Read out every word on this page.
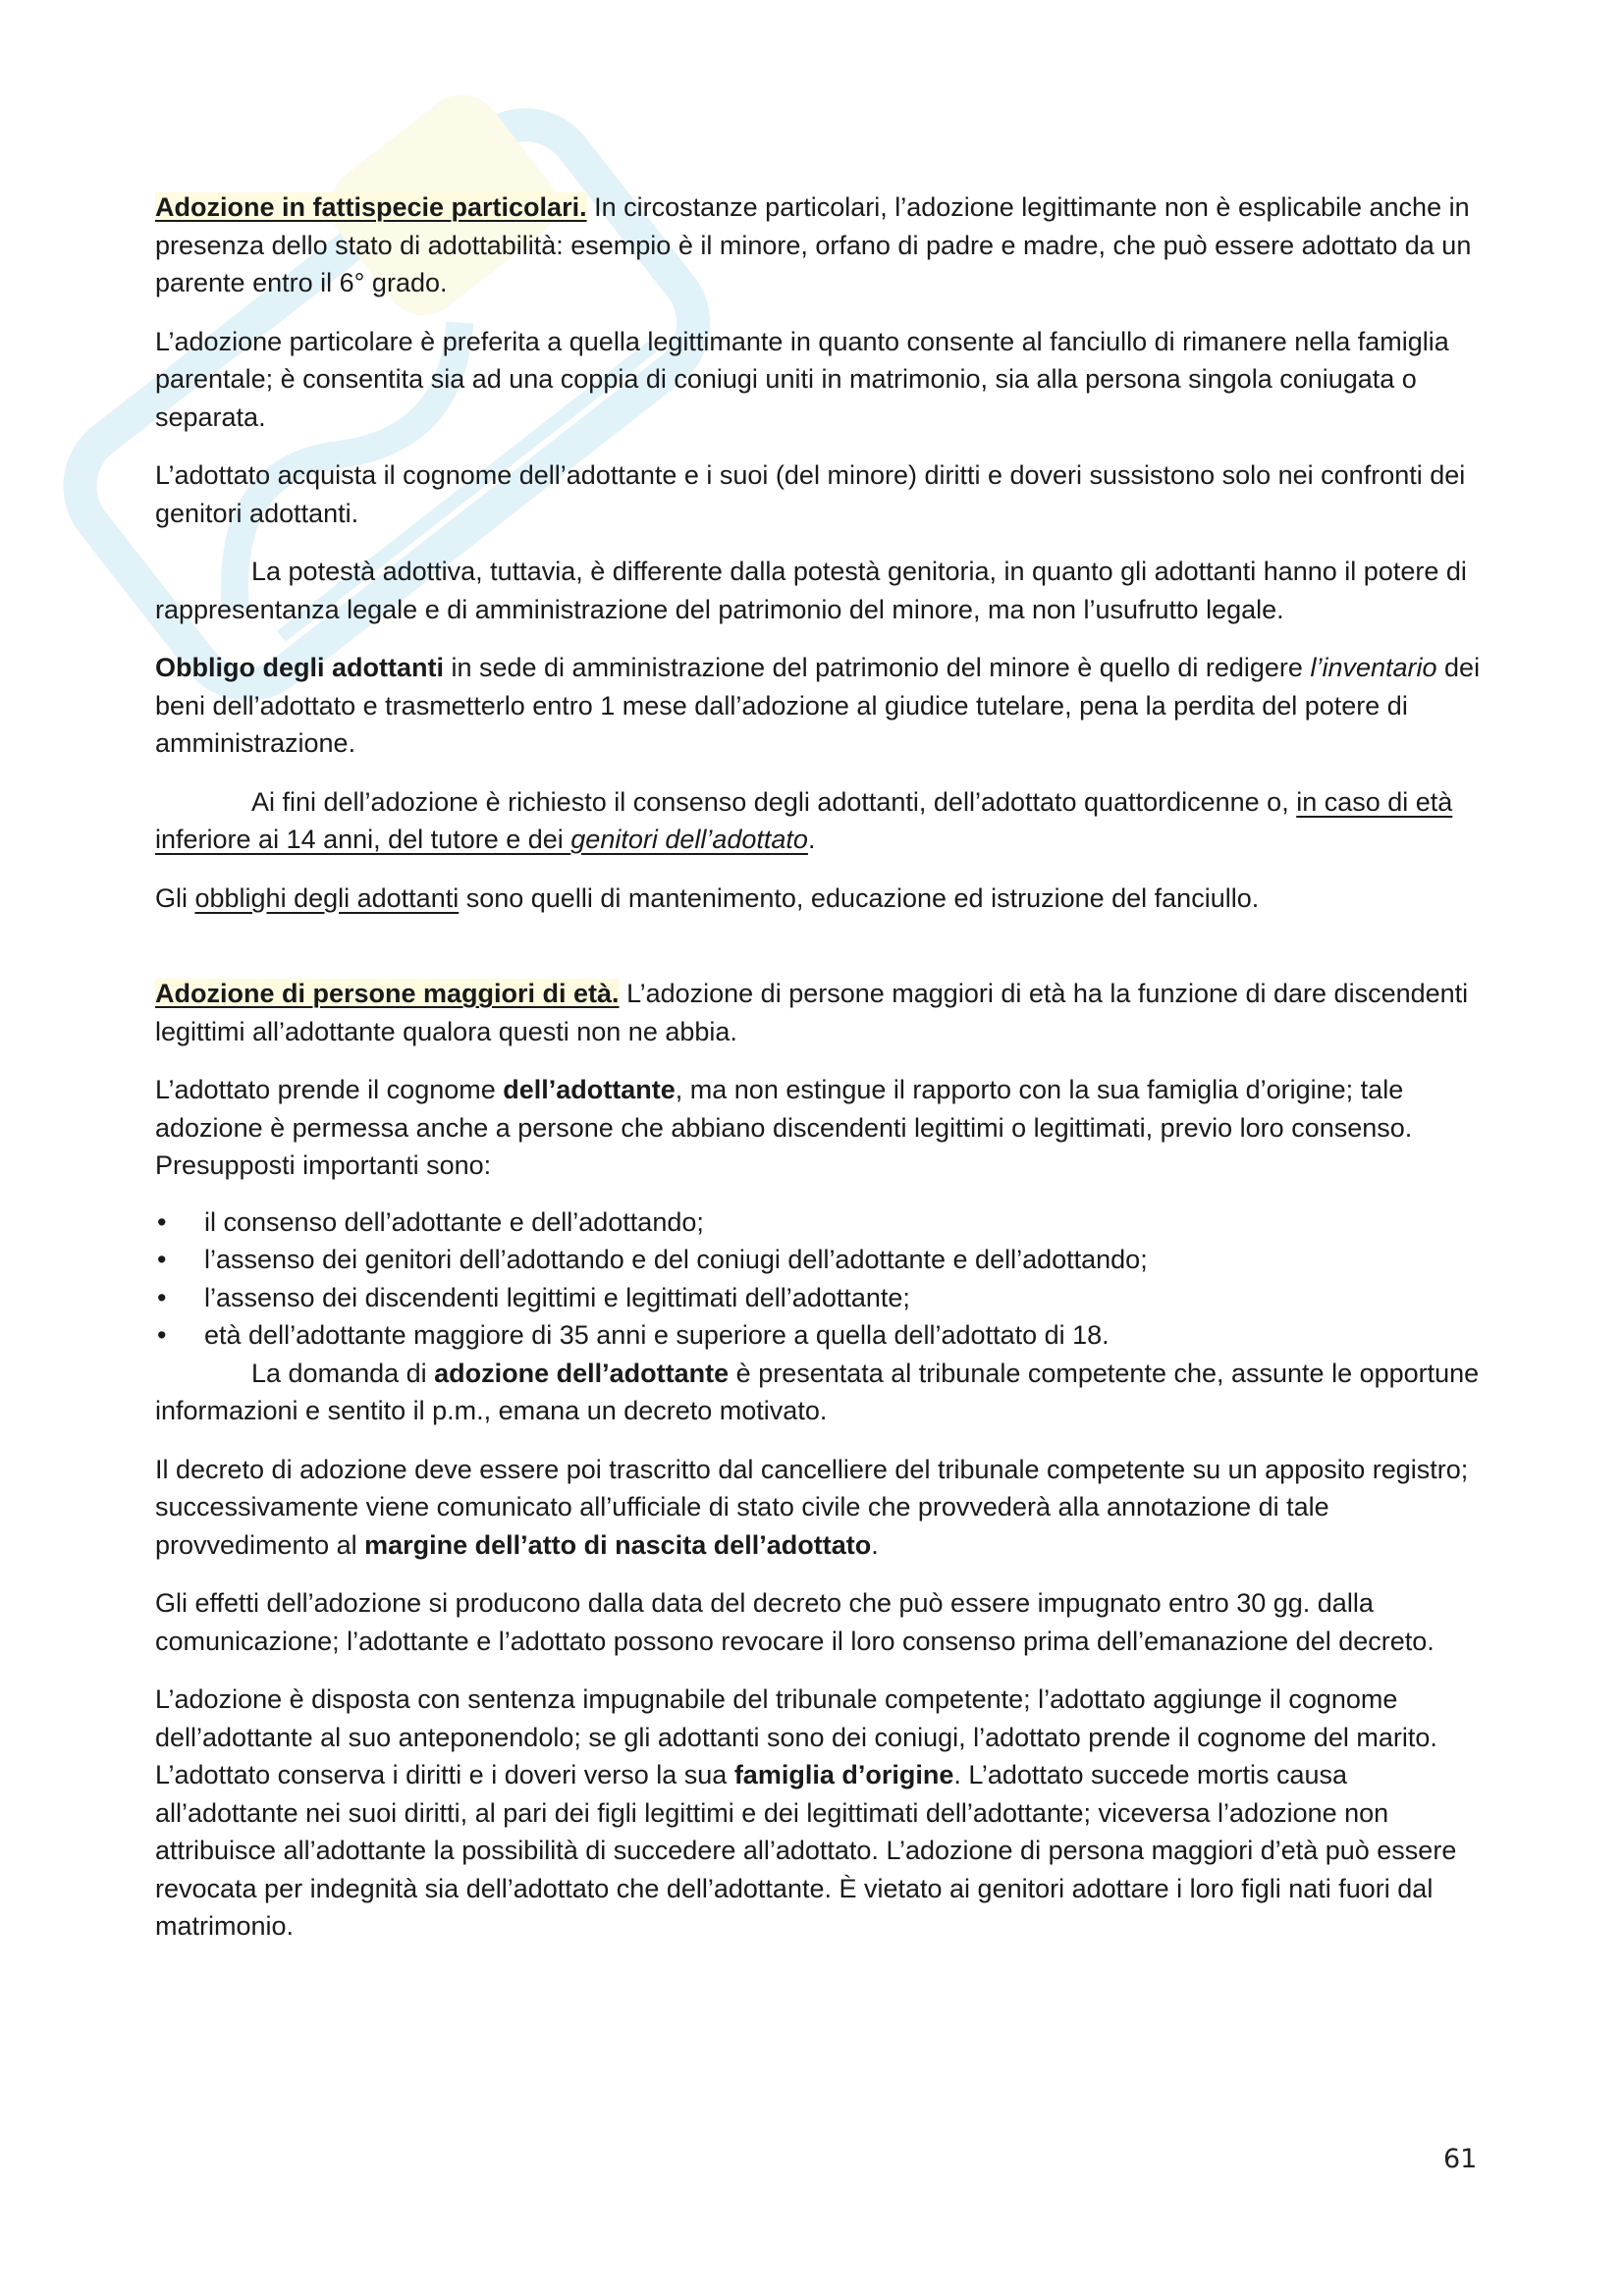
Adozione in fattispecie particolari. In circostanze particolari, l’adozione legittimante non è esplicabile anche in presenza dello stato di adottabilità: esempio è il minore, orfano di padre e madre, che può essere adottato da un parente entro il 6° grado.

L’adozione particolare è preferita a quella legittimante in quanto consente al fanciullo di rimanere nella famiglia parentale; è consentita sia ad una coppia di coniugi uniti in matrimonio, sia alla persona singola coniugata o separata.

L’adottato acquista il cognome dell’adottante e i suoi (del minore) diritti e doveri sussistono solo nei confronti dei genitori adottanti.

La potestà adottiva, tuttavia, è differente dalla potestà genitoria, in quanto gli adottanti hanno il potere di rappresentanza legale e di amministrazione del patrimonio del minore, ma non l’usufrutto legale.

Obbligo degli adottanti in sede di amministrazione del patrimonio del minore è quello di redigere l’inventario dei beni dell’adottato e trasmetterlo entro 1 mese dall’adozione al giudice tutelare, pena la perdita del potere di amministrazione.

Ai fini dell’adozione è richiesto il consenso degli adottanti, dell’adottato quattordicenne o, in caso di età inferiore ai 14 anni, del tutore e dei genitori dell’adottato.

Gli obblighi degli adottanti sono quelli di mantenimento, educazione ed istruzione del fanciullo.

Adozione di persone maggiori di età. L’adozione di persone maggiori di età ha la funzione di dare discendenti legittimi all’adottante qualora questi non ne abbia.

L’adottato prende il cognome dell’adottante, ma non estingue il rapporto con la sua famiglia d’origine; tale adozione è permessa anche a persone che abbiano discendenti legittimi o legittimati, previo loro consenso. Presupposti importanti sono:

• il consenso dell’adottante e dell’adottando;
• l’assenso dei genitori dell’adottando e del coniugi dell’adottante e dell’adottando;
• l’assenso dei discendenti legittimi e legittimati dell’adottante;
• età dell’adottante maggiore di 35 anni e superiore a quella dell’adottato di 18.

La domanda di adozione dell’adottante è presentata al tribunale competente che, assunte le opportune informazioni e sentito il p.m., emana un decreto motivato.

Il decreto di adozione deve essere poi trascritto dal cancelliere del tribunale competente su un apposito registro; successivamente viene comunicato all’ufficiale di stato civile che provvederà alla annotazione di tale provvedimento al margine dell’atto di nascita dell’adottato.

Gli effetti dell’adozione si producono dalla data del decreto che può essere impugnato entro 30 gg. dalla comunicazione; l’adottante e l’adottato possono revocare il loro consenso prima dell’emanazione del decreto.

L’adozione è disposta con sentenza impugnabile del tribunale competente; l’adottato aggiunge il cognome dell’adottante al suo anteponendolo; se gli adottanti sono dei coniugi, l’adottato prende il cognome del marito. L’adottato conserva i diritti e i doveri verso la sua famiglia d’origine. L’adottato succede mortis causa all’adottante nei suoi diritti, al pari dei figli legittimi e dei legittimati dell’adottante; viceversa l’adozione non attribuisce all’adottante la possibilità di succedere all’adottato. L’adozione di persona maggiori d’età può essere revocata per indegnità sia dell’adottato che dell’adottante. È vietato ai genitori adottare i loro figli nati fuori dal matrimonio.

61
